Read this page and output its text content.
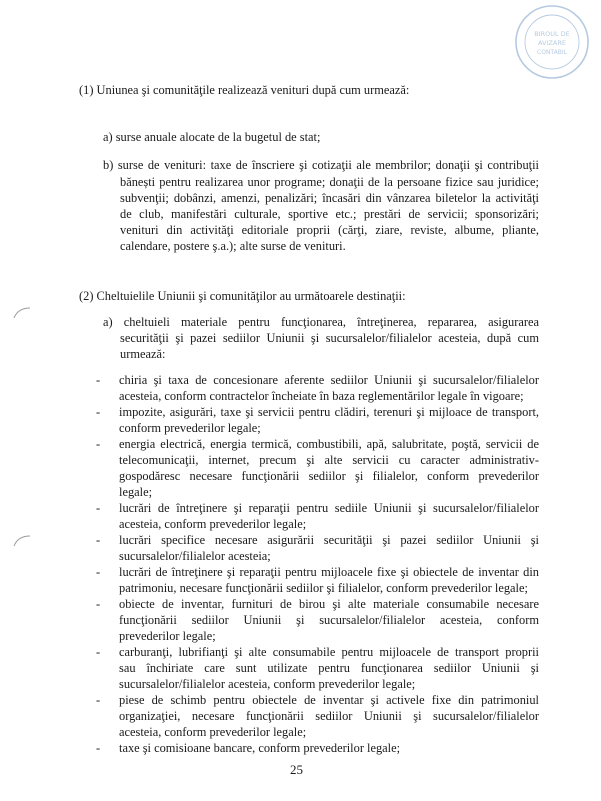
BIROUL DE
AVIZARE
CONTABIL
(1) Uniunea şi comunităţile realizează venituri după cum urmează:
a) surse anuale alocate de la bugetul de stat;
b) surse de venituri: taxe de înscriere şi cotizaţii ale membrilor; donaţii şi contribuţii
bănești pentru realizarea unor programe; donaţii de la persoane fizice sau juridice;
subvenţii; dobânzi, amenzi, penalizări; încasări din vânzarea biletelor la activităţi
de club, manifestări culturale, sportive etc.; prestări de servicii; sponsorizări;
venituri din activităţi editoriale proprii (cărţi, ziare, reviste, albume, pliante,
calendare, postere ş.a.); alte surse de venituri.
(2) Cheltuielile Uniunii şi comunităţilor au următoarele destinaţii:
a) cheltuieli materiale pentru funcţionarea, întreţinerea, repararea, asigurarea
securităţii şi pazei sediilor Uniunii şi sucursalelor/filialelor acesteia, după cum
urmează:
- chiria şi taxa de concesionare aferente sediilor Uniunii şi sucursalelor/filialelor
acesteia, conform contractelor încheiate în baza reglementărilor legale în vigoare;
- impozite, asigurări, taxe şi servicii pentru clădiri, terenuri şi mijloace de transport,
conform prevederilor legale;
- energia electrică, energia termică, combustibili, apă, salubritate, poştă, servicii de
telecomunicaţii, internet, precum şi alte servicii cu caracter administrativ-
gospodăresc necesare funcţionării sediilor şi filialelor, conform prevederilor
legale;
- lucrări de întreţinere şi reparaţii pentru sediile Uniunii şi sucursalelor/filialelor
acesteia, conform prevederilor legale;
- lucrări specifice necesare asigurării securităţii şi pazei sediilor Uniunii şi
sucursalelor/filialelor acesteia;
- lucrări de întreţinere şi reparaţii pentru mijloacele fixe şi obiectele de inventar din
patrimoniu, necesare funcţionării sediilor şi filialelor, conform prevederilor legale;
- obiecte de inventar, furnituri de birou şi alte materiale consumabile necesare
funcţionării sediilor Uniunii şi sucursalelor/filialelor acesteia, conform
prevederilor legale;
- carburanţi, lubrifianţi şi alte consumabile pentru mijloacele de transport proprii
sau închiriate care sunt utilizate pentru funcţionarea sediilor Uniunii şi
sucursalelor/filialelor acesteia, conform prevederilor legale;
- piese de schimb pentru obiectele de inventar şi activele fixe din patrimoniul
organizaţiei, necesare funcţionării sediilor Uniunii şi sucursalelor/filialelor
acesteia, conform prevederilor legale;
- taxe şi comisioane bancare, conform prevederilor legale;
25
